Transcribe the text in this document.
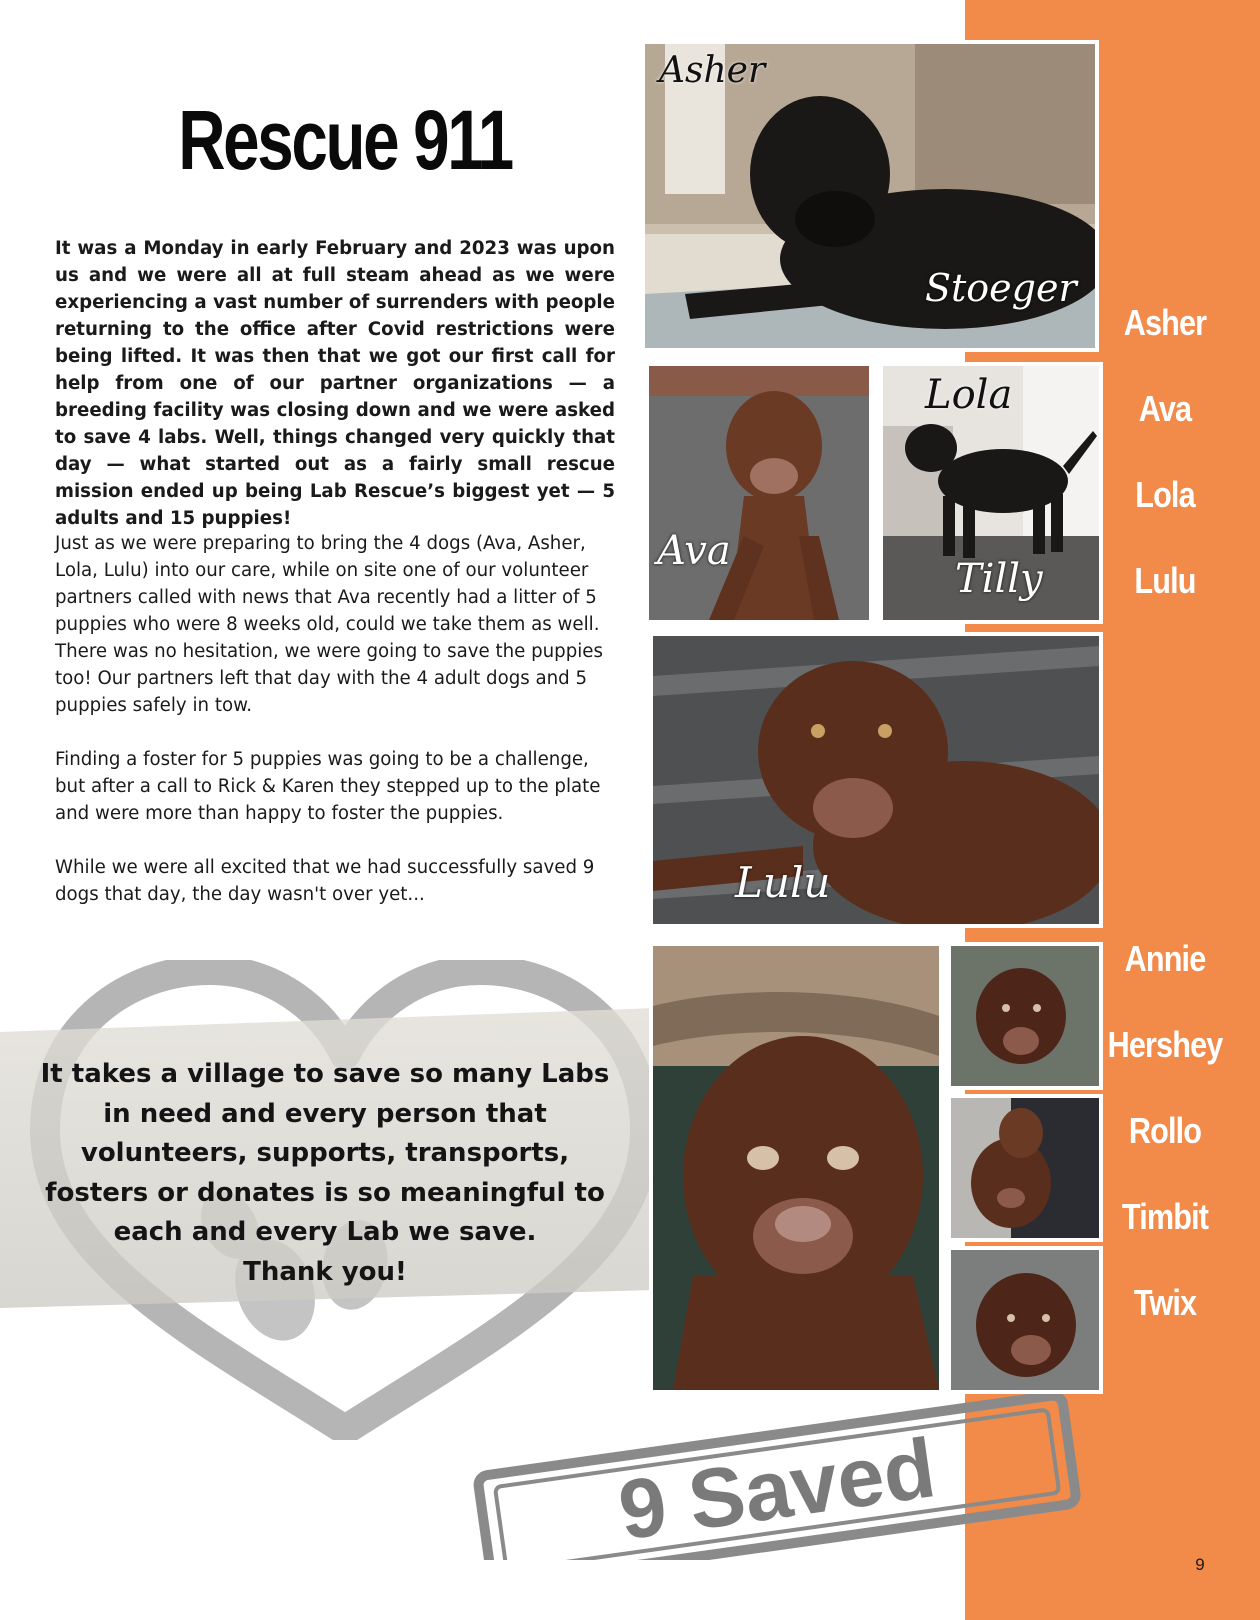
Asher
Ava
Lola
Lulu
Annie
Hershey
Rollo
Timbit
Twix
Rescue 911

It was a Monday in early February and 2023 was upon us and we were all at full steam ahead as we were experiencing a vast number of surrenders with people returning to the office after Covid restrictions were being lifted. It was then that we got our first call for help from one of our partner organizations — a breeding facility was closing down and we were asked to save 4 labs. Well, things changed very quickly that day — what started out as a fairly small rescue mission ended up being Lab Rescue’s biggest yet — 5 adults and 15 puppies!

Just as we were preparing to bring the 4 dogs (Ava, Asher, Lola, Lulu) into our care, while on site one of our volunteer partners called with news that Ava recently had a litter of 5 puppies who were 8 weeks old, could we take them as well. There was no hesitation, we were going to save the puppies too! Our partners left that day with the 4 adult dogs and 5 puppies safely in tow.

Finding a foster for 5 puppies was going to be a challenge, but after a call to Rick & Karen they stepped up to the plate and were more than happy to foster the puppies.

While we were all excited that we had successfully saved 9 dogs that day, the day wasn't over yet...

It takes a village to save so many Labs
in need and every person that
volunteers, supports, transports,
fosters or donates is so meaningful to
each and every Lab we save.
Thank you!
9 Saved
Asher
Stoeger
Ava
Lola
Tilly
Lulu
9
